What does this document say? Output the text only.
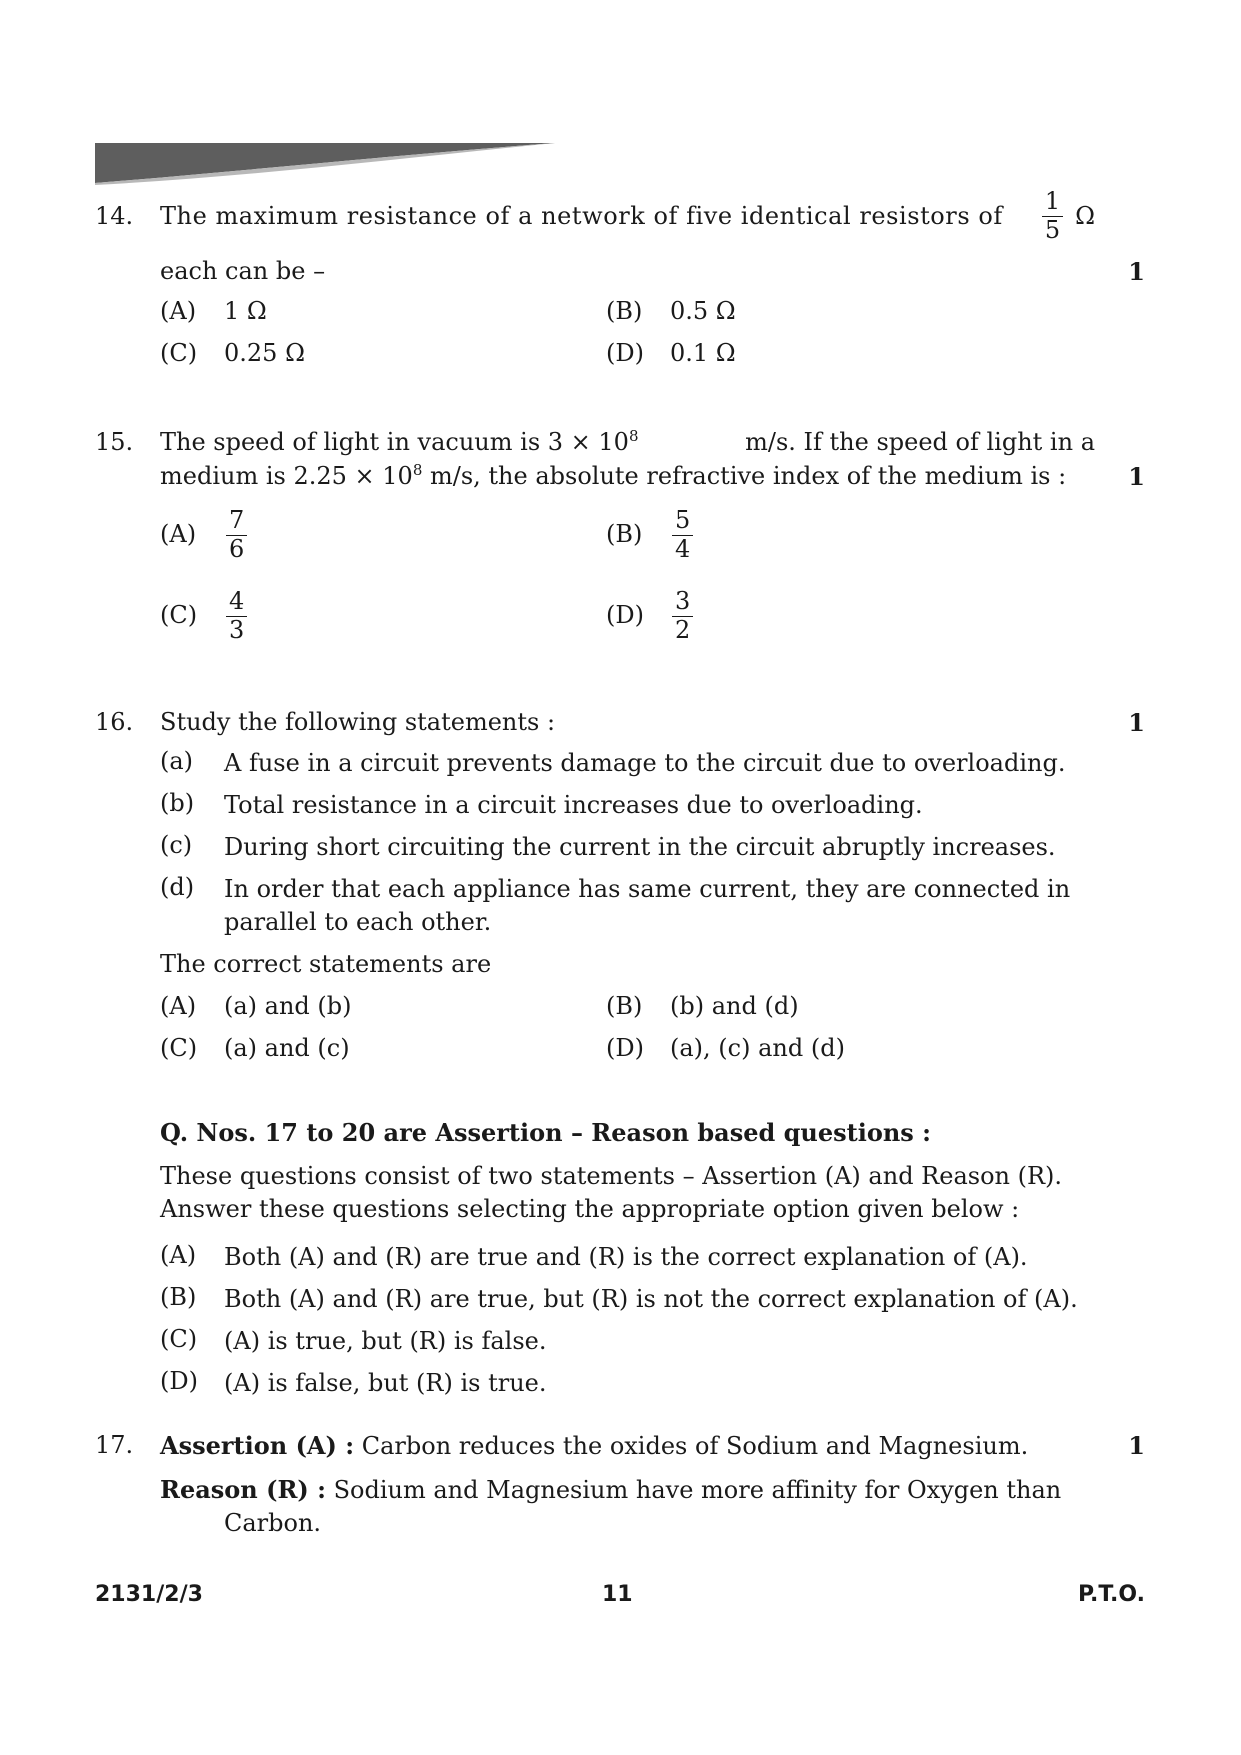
14. The maximum resistance of a network of five identical resistors of $\frac{1}{5}$ Ω
each can be –	1
(A) 1 Ω	(B) 0.5 Ω
(C) 0.25 Ω	(D) 0.1 Ω
15. The speed of light in vacuum is $3 \times 10^8$	m/s. If the speed of light in a
medium is $2.25 \times 10^8$ m/s, the absolute refractive index of the medium is :	1
$(A) \frac{7}{6}$	$(B) \frac{5}{4}$
$(C) \frac{4}{3}$	$(D) \frac{3}{2}$
16. Study the following statements :	1
(a)	A fuse in a circuit prevents damage to the circuit due to overloading.
(b)	Total resistance in a circuit increases due to overloading.
(c)	During short circuiting the current in the circuit abruptly increases.
(d)	In order that each appliance has same current, they are connected in parallel to each other.
The correct statements are
(A) (a) and (b)	(B) (b) and (d)
(C) (a) and (c)	(D) (a), (c) and (d)
Q. Nos. 17 to 20 are Assertion – Reason based questions :
These questions consist of two statements – Assertion (A) and Reason (R). Answer these questions selecting the appropriate option given below :
(A)	Both (A) and (R) are true and (R) is the correct explanation of (A).
(B)	Both (A) and (R) are true, but (R) is not the correct explanation of (A).
(C)	(A) is true, but (R) is false.
(D)	(A) is false, but (R) is true.
17. Assertion (A) : Carbon reduces the oxides of Sodium and Magnesium.	1
Reason (R) : Sodium and Magnesium have more affinity for Oxygen than Carbon.
2131/2/3	11	P.T.O.
